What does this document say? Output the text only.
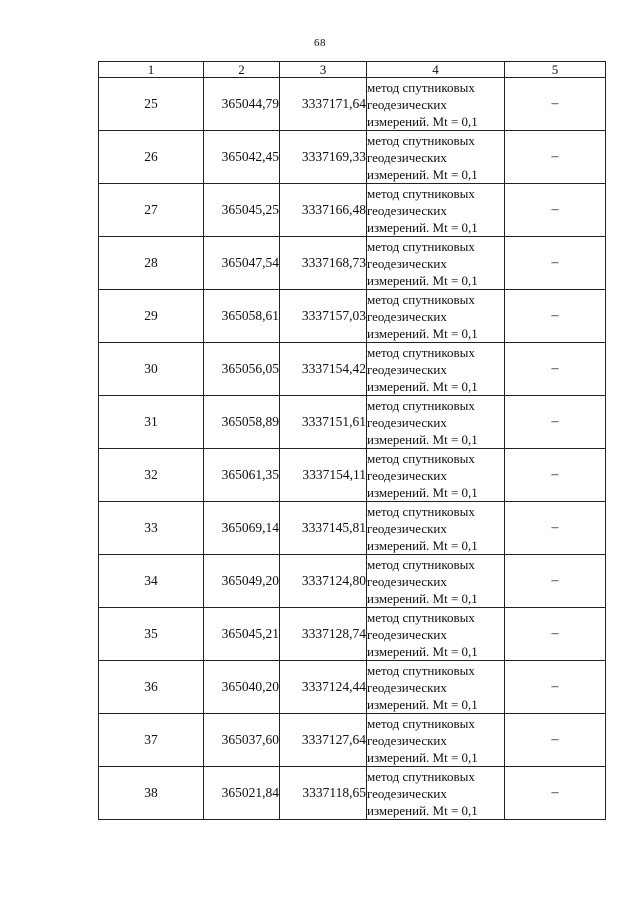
68
1	2	3	4	5
25	365044,79	3337171,64	метод спутниковых
геодезических
измерений. Mt = 0,1	–
26	365042,45	3337169,33	метод спутниковых
геодезических
измерений. Mt = 0,1	–
27	365045,25	3337166,48	метод спутниковых
геодезических
измерений. Mt = 0,1	–
28	365047,54	3337168,73	метод спутниковых
геодезических
измерений. Mt = 0,1	–
29	365058,61	3337157,03	метод спутниковых
геодезических
измерений. Mt = 0,1	–
30	365056,05	3337154,42	метод спутниковых
геодезических
измерений. Mt = 0,1	–
31	365058,89	3337151,61	метод спутниковых
геодезических
измерений. Mt = 0,1	–
32	365061,35	3337154,11	метод спутниковых
геодезических
измерений. Mt = 0,1	–
33	365069,14	3337145,81	метод спутниковых
геодезических
измерений. Mt = 0,1	–
34	365049,20	3337124,80	метод спутниковых
геодезических
измерений. Mt = 0,1	–
35	365045,21	3337128,74	метод спутниковых
геодезических
измерений. Mt = 0,1	–
36	365040,20	3337124,44	метод спутниковых
геодезических
измерений. Mt = 0,1	–
37	365037,60	3337127,64	метод спутниковых
геодезических
измерений. Mt = 0,1	–
38	365021,84	3337118,65	метод спутниковых
геодезических
измерений. Mt = 0,1	–
